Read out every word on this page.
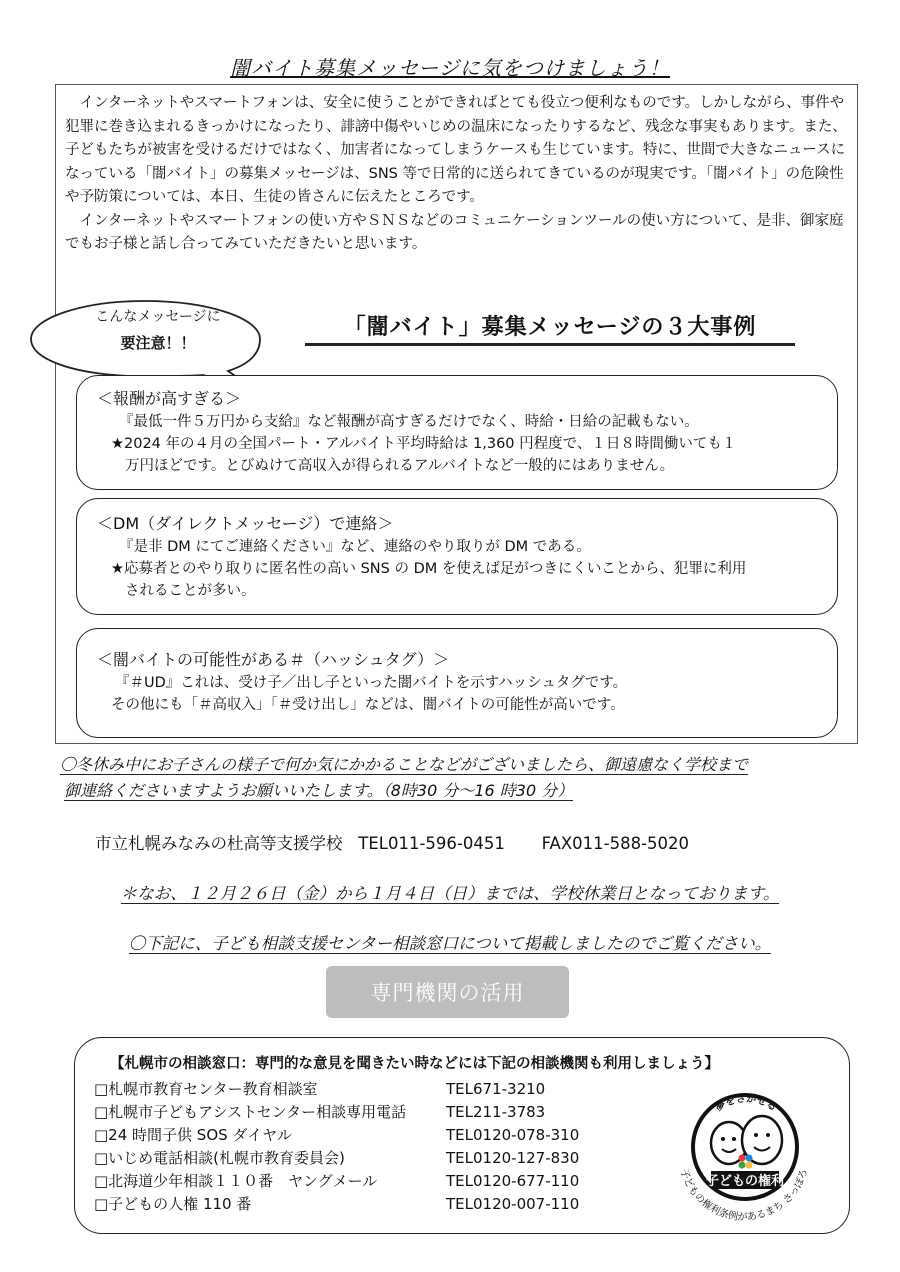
闇バイト募集メッセージに気をつけましょう！

インターネットやスマートフォンは、安全に使うことができればとても役立つ便利なものです。しかしながら、事件や犯罪に巻き込まれるきっかけになったり、誹謗中傷やいじめの温床になったりするなど、残念な事実もあります。また、子どもたちが被害を受けるだけではなく、加害者になってしまうケースも生じています。特に、世間で大きなニュースになっている「闇バイト」の募集メッセージは、SNS 等で日常的に送られてきているのが現実です。「闇バイト」の危険性や予防策については、本日、生徒の皆さんに伝えたところです。

インターネットやスマートフォンの使い方やＳＮＳなどのコミュニケーションツールの使い方について、是非、御家庭でもお子様と話し合ってみていただきたいと思います。

こんなメッセージに
要注意！！
「闇バイト」募集メッセージの３大事例

＜報酬が高すぎる＞

『最低一件５万円から支給』など報酬が高すぎるだけでなく、時給・日給の記載もない。

★2024 年の４月の全国パート・アルバイト平均時給は 1,360 円程度で、１日８時間働いても１

万円ほどです。とびぬけて高収入が得られるアルバイトなど一般的にはありません。

＜DM（ダイレクトメッセージ）で連絡＞

『是非 DM にてご連絡ください』など、連絡のやり取りが DM である。

★応募者とのやり取りに匿名性の高い SNS の DM を使えば足がつきにくいことから、犯罪に利用

されることが多い。

＜闇バイトの可能性がある＃（ハッシュタグ）＞

『＃UD』これは、受け子／出し子といった闇バイトを示すハッシュタグです。

その他にも「＃高収入」「＃受け出し」などは、闇バイトの可能性が高いです。

〇冬休み中にお子さんの様子で何か気にかかることなどがございましたら、御遠慮なく学校まで
御連絡くださいますようお願いいたします。（8時30 分～16 時30 分）
市立札幌みなみの杜高等支援学校 TEL011-596-0451 FAX011-588-5020
＊なお、１２月２６日（金）から１月４日（日）までは、学校休業日となっております。
〇下記に、子ども相談支援センター相談窓口について掲載しましたのでご覧ください。
専門機関の活用
【札幌市の相談窓口：専門的な意見を聞きたい時などには下記の相談機関も利用しましょう】
□札幌市教育センター教育相談室	TEL671-3210
□札幌市子どもアシストセンター相談専用電話	TEL211-3783
□24 時間子供 SOS ダイヤル	TEL0120-078-310
□いじめ電話相談(札幌市教育委員会)	TEL0120-127-830
□北海道少年相談１１０番　ヤングメール	TEL0120-677-110
□子どもの人権 110 番	TEL0120-007-110
夢をさかせる
子どもの権利
子どもの権利条例があるまち さっぽろ
